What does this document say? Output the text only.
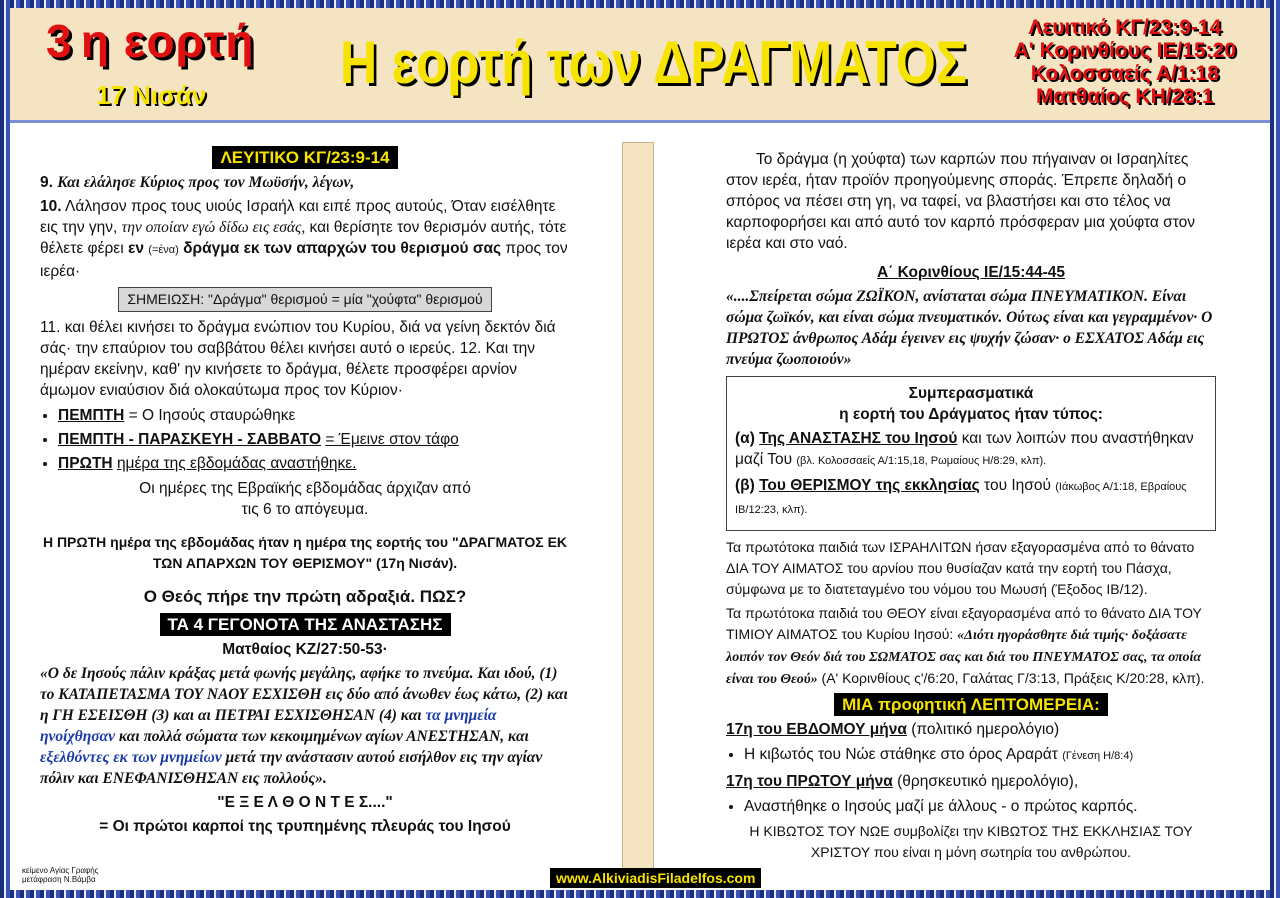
3 η εορτή
17 Νισάν Η εορτή των ΔΡΑΓΜΑΤΟΣ
Λευιτικό ΚΓ/23:9-14
Α' Κορινθίους ΙΕ/15:20
Κολοσσαείς Α/1:18
Ματθαίος ΚΗ/28:1
ΛΕΥΙΤΙΚΟ ΚΓ/23:9-14

9. Και ελάλησε Κύριος προς τον Μωϋσήν, λέγων,

10. Λάλησον προς τους υιούς Ισραήλ και ειπέ προς αυτούς, Όταν εισέλθητε εις την γην, την οποίαν εγώ δίδω εις εσάς, και θερίσητε τον θερισμόν αυτής, τότε θέλετε φέρει εν (=ένα) δράγμα εκ των απαρχών του θερισμού σας προς τον ιερέα·

ΣΗΜΕΙΩΣΗ: "Δράγμα" θερισμού = μία "χούφτα" θερισμού

11. και θέλει κινήσει το δράγμα ενώπιον του Κυρίου, διά να γείνη δεκτόν διά σάς· την επαύριον του σαββάτου θέλει κινήσει αυτό ο ιερεύς. 12. Και την ημέραν εκείνην, καθ' ην κινήσετε το δράγμα, θέλετε προσφέρει αρνίον άμωμον ενιαύσιον διά ολοκαύτωμα προς τον Κύριον·

• ΠΕΜΠΤΗ = Ο Ιησούς σταυρώθηκε
• ΠΕΜΠΤΗ - ΠΑΡΑΣΚΕΥΗ - ΣΑΒΒΑΤΟ = Έμεινε στον τάφο
• ΠΡΩΤΗ ημέρα της εβδομάδας αναστήθηκε.

Οι ημέρες της Εβραϊκής εβδομάδας άρχιζαν από τις 6 το απόγευμα.

Η ΠΡΩΤΗ ημέρα της εβδομάδας ήταν η ημέρα της εορτής του "ΔΡΑΓΜΑΤΟΣ ΕΚ ΤΩΝ ΑΠΑΡΧΩΝ ΤΟΥ ΘΕΡΙΣΜΟΥ" (17η Νισάν).

Ο Θεός πήρε την πρώτη αδραξιά. ΠΩΣ?

ΤΑ 4 ΓΕΓΟΝΟΤΑ ΤΗΣ ΑΝΑΣΤΑΣΗΣ

Ματθαίος ΚΖ/27:50-53·

«Ο δε Ιησούς πάλιν κράξας μετά φωνής μεγάλης, αφήκε το πνεύμα. Και ιδού, (1) το ΚΑΤΑΠΕΤΑΣΜΑ ΤΟΥ ΝΑΟΥ ΕΣΧΙΣΘΗ εις δύο από άνωθεν έως κάτω, (2) και η ΓΗ ΕΣΕΙΣΘΗ (3) και αι ΠΕΤΡΑΙ ΕΣΧΙΣΘΗΣΑΝ (4) και τα μνημεία ηνοίχθησαν και πολλά σώματα των κεκοιμημένων αγίων ΑΝΕΣΤΗΣΑΝ, και εξελθόντες εκ των μνημείων μετά την ανάστασιν αυτού εισήλθον εις την αγίαν πόλιν και ΕΝΕΦΑΝΙΣΘΗΣΑΝ εις πολλούς».

"Ε Ξ Ε Λ Θ Ο Ν Τ Ε Σ...."

= Οι πρώτοι καρποί της τρυπημένης πλευράς του Ιησού

Το δράγμα (η χούφτα) των καρπών που πήγαιναν οι Ισραηλίτες στον ιερέα, ήταν προϊόν προηγούμενης σποράς. Έπρεπε δηλαδή ο σπόρος να πέσει στη γη, να ταφεί, να βλαστήσει και στο τέλος να καρποφορήσει και από αυτό τον καρπό πρόσφεραν μια χούφτα στον ιερέα και στο ναό.

Α΄ Κορινθίους ΙΕ/15:44-45

«....Σπείρεται σώμα ΖΩΪΚΟΝ, ανίσταται σώμα ΠΝΕΥΜΑΤΙΚΟΝ. Είναι σώμα ζωϊκόν, και είναι σώμα πνευματικόν. Ούτως είναι και γεγραμμένον· Ο ΠΡΩΤΟΣ άνθρωπος Αδάμ έγεινεν εις ψυχήν ζώσαν· ο ΕΣΧΑΤΟΣ Αδάμ εις πνεύμα ζωοποιούν»

Συμπερασματικά
η εορτή του Δράγματος ήταν τύπος:

(α) Της ΑΝΑΣΤΑΣΗΣ του Ιησού και των λοιπών που αναστήθηκαν μαζί Του (βλ. Κολοσσαείς Α/1:15,18, Ρωμαίους Η/8:29, κλπ).

(β) Του ΘΕΡΙΣΜΟΥ της εκκλησίας του Ιησού (Ιάκωβος Α/1:18, Εβραίους ΙΒ/12:23, κλπ).

Τα πρωτότοκα παιδιά των ΙΣΡΑΗΛΙΤΩΝ ήσαν εξαγορασμένα από το θάνατο ΔΙΑ ΤΟΥ ΑΙΜΑΤΟΣ του αρνίου που θυσίαζαν κατά την εορτή του Πάσχα, σύμφωνα με το διατεταγμένο του νόμου του Μωυσή (Έξοδος ΙΒ/12).

Τα πρωτότοκα παιδιά του ΘΕΟΥ είναι εξαγορασμένα από το θάνατο ΔΙΑ ΤΟΥ ΤΙΜΙΟΥ ΑΙΜΑΤΟΣ του Κυρίου Ιησού: «Διότι ηγοράσθητε διά τιμής· δοξάσατε λοιπόν τον Θεόν διά του ΣΩΜΑΤΟΣ σας και διά του ΠΝΕΥΜΑΤΟΣ σας, τα οποία είναι του Θεού» (Α' Κορινθίους ς'/6:20, Γαλάτας Γ/3:13, Πράξεις Κ/20:28, κλπ).

ΜΙΑ προφητική ΛΕΠΤΟΜΕΡΕΙΑ:

17η του ΕΒΔΟΜΟΥ μήνα (πολιτικό ημερολόγιο)

• Η κιβωτός του Νώε στάθηκε στο όρος Αραράτ (Γένεση Η/8:4)

17η του ΠΡΩΤΟΥ μήνα (θρησκευτικό ημερολόγιο),

• Αναστήθηκε ο Ιησούς μαζί με άλλους - ο πρώτος καρπός.

Η ΚΙΒΩΤΟΣ ΤΟΥ ΝΩΕ συμβολίζει την ΚΙΒΩΤΟΣ ΤΗΣ ΕΚΚΛΗΣΙΑΣ ΤΟΥ ΧΡΙΣΤΟΥ που είναι η μόνη σωτηρία του ανθρώπου.

κείμενο Αγίας Γραφής
μετάφραση Ν.Βάμβα	www.AlkiviadisFiladelfos.com
